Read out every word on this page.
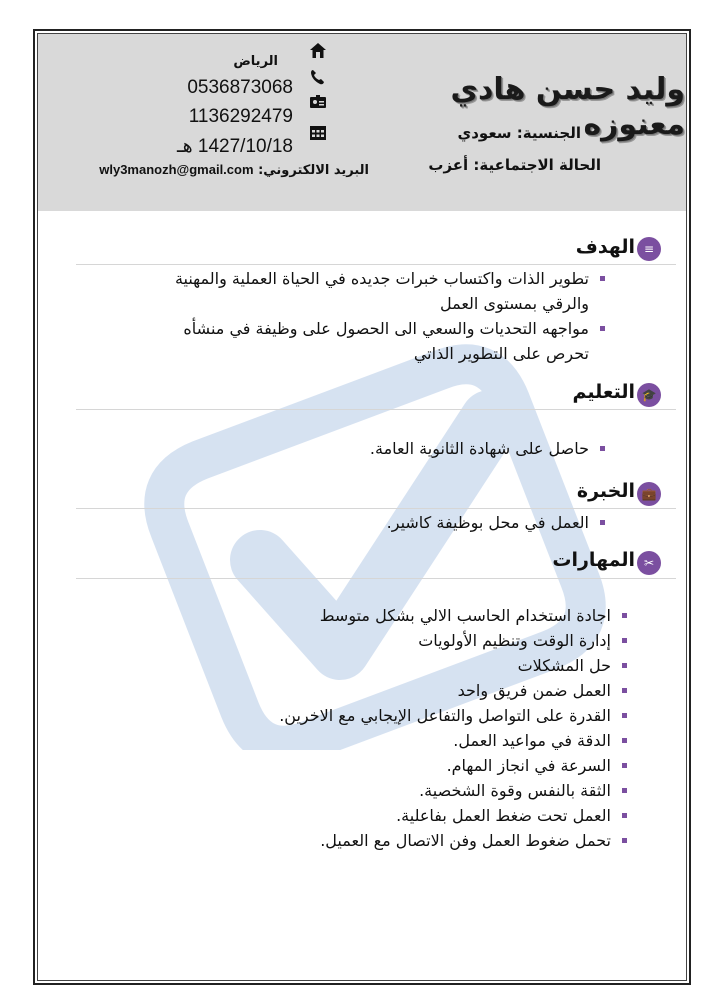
وليد حسن هادي معنوزه
الجنسية: سعودي
الحالة الاجتماعية: أعزب
الرياض
0536873068
1136292479
1427/10/18 هـ
البريد الالكتروني: wly3manozh@gmail.com
≡
الهدف
تطوير الذات واكتساب خبرات جديده في الحياة العملية والمهنية والرقي بمستوى العمل
مواجهه التحديات والسعي الى الحصول على وظيفة في منشأه تحرص على التطوير الذاتي
🎓
التعليم
حاصل على شهادة الثانوية العامة.
💼
الخبرة
العمل في محل بوظيفة كاشير.
✂
المهارات
اجادة استخدام الحاسب الالي بشكل متوسط
إدارة الوقت وتنظيم الأولويات
حل المشكلات
العمل ضمن فريق واحد
القدرة على التواصل والتفاعل الإيجابي مع الاخرين.
الدقة في مواعيد العمل.
السرعة في انجاز المهام.
الثقة بالنفس وقوة الشخصية.
العمل تحت ضغط العمل بفاعلية.
تحمل ضغوط العمل وفن الاتصال مع العميل.
